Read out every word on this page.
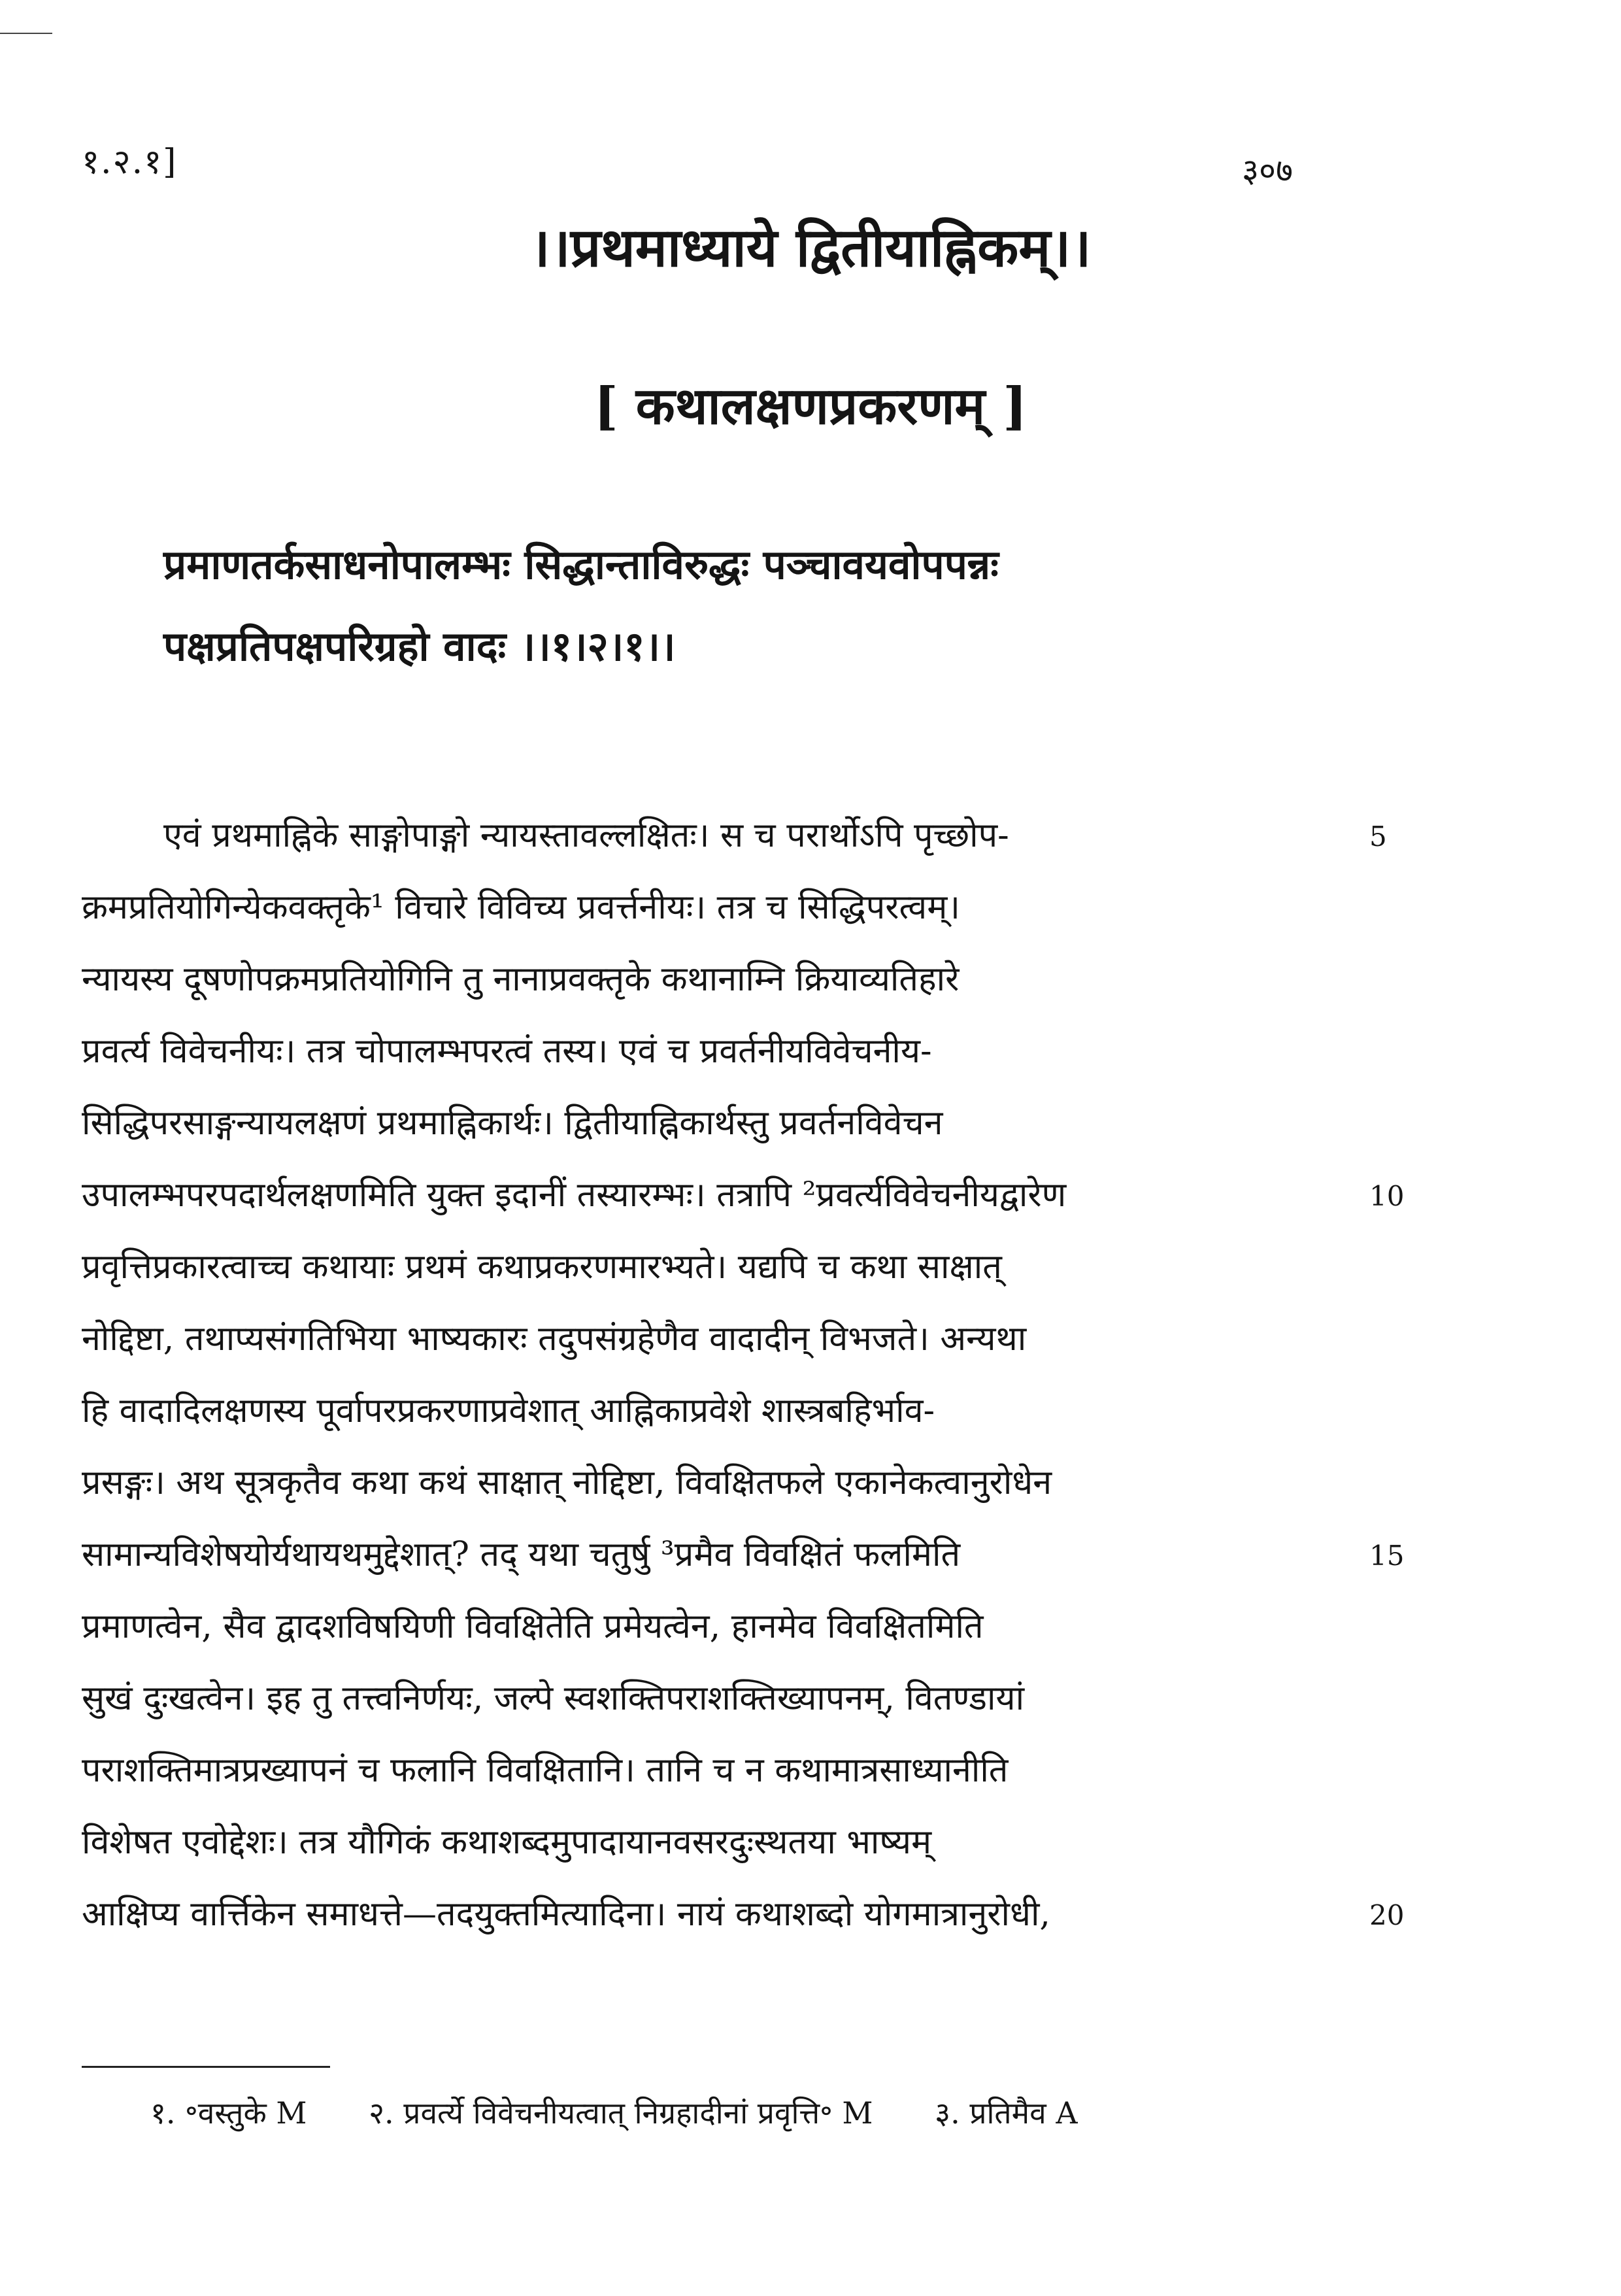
१.२.१]	३०७
।।प्रथमाध्याये द्वितीयाह्निकम्।।
[ कथालक्षणप्रकरणम् ]
प्रमाणतर्कसाधनोपालम्भः सिद्धान्ताविरुद्धः पञ्चावयवोपपन्नः
पक्षप्रतिपक्षपरिग्रहो वादः ।।१।२।१।।
एवं प्रथमाह्निके साङ्गोपाङ्गो न्यायस्तावल्लक्षितः। स च परार्थोऽपि पृच्छोप-
क्रमप्रतियोगिन्येकवक्तृके¹ विचारे विविच्य प्रवर्त्तनीयः। तत्र च सिद्धिपरत्वम्।
न्यायस्य दूषणोपक्रमप्रतियोगिनि तु नानाप्रवक्तृके कथानाम्नि क्रियाव्यतिहारे
प्रवर्त्य विवेचनीयः। तत्र चोपालम्भपरत्वं तस्य। एवं च प्रवर्तनीयविवेचनीय-
सिद्धिपरसाङ्गन्यायलक्षणं प्रथमाह्निकार्थः। द्वितीयाह्निकार्थस्तु प्रवर्तनविवेचन
उपालम्भपरपदार्थलक्षणमिति युक्त इदानीं तस्यारम्भः। तत्रापि ²प्रवर्त्यविवेचनीयद्वारेण
प्रवृत्तिप्रकारत्वाच्च कथायाः प्रथमं कथाप्रकरणमारभ्यते। यद्यपि च कथा साक्षात्
नोद्दिष्टा, तथाप्यसंगतिभिया भाष्यकारः तदुपसंग्रहेणैव वादादीन् विभजते। अन्यथा
हि वादादिलक्षणस्य पूर्वापरप्रकरणाप्रवेशात् आह्निकाप्रवेशे शास्त्रबहिर्भाव-
प्रसङ्गः। अथ सूत्रकृतैव कथा कथं साक्षात् नोद्दिष्टा, विवक्षितफले एकानेकत्वानुरोधेन
सामान्यविशेषयोर्यथायथमुद्देशात्? तद् यथा चतुर्षु ³प्रमैव विवक्षितं फलमिति
प्रमाणत्वेन, सैव द्वादशविषयिणी विवक्षितेति प्रमेयत्वेन, हानमेव विवक्षितमिति
सुखं दुःखत्वेन। इह तु तत्त्वनिर्णयः, जल्पे स्वशक्तिपराशक्तिख्यापनम्, वितण्डायां
पराशक्तिमात्रप्रख्यापनं च फलानि विवक्षितानि। तानि च न कथामात्रसाध्यानीति
विशेषत एवोद्देशः। तत्र यौगिकं कथाशब्दमुपादायानवसरदुःस्थतया भाष्यम्
आक्षिप्य वार्त्तिकेन समाधत्ते—तदयुक्तमित्यादिना। नायं कथाशब्दो योगमात्रानुरोधी,
5
10
15
20
१. ॰वस्तुके M २. प्रवर्त्ये विवेचनीयत्वात् निग्रहादीनां प्रवृत्ति॰ M ३. प्रतिमैव A
